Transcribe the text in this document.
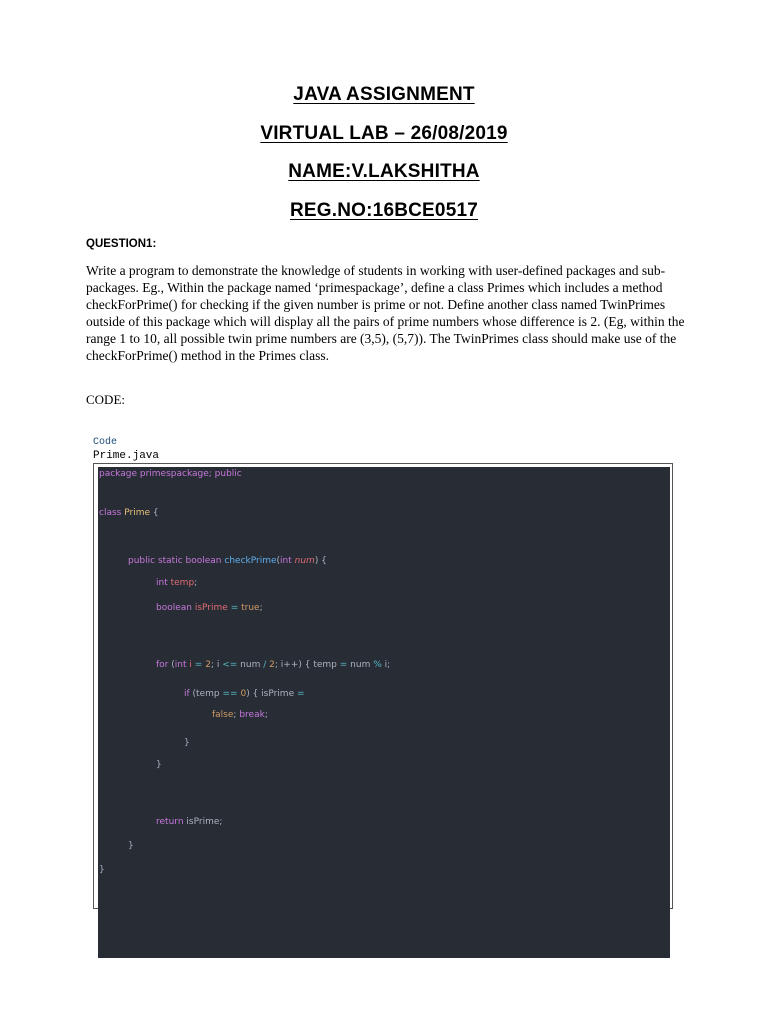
JAVA ASSIGNMENT
VIRTUAL LAB – 26/08/2019
NAME:V.LAKSHITHA
REG.NO:16BCE0517
QUESTION1:
Write a program to demonstrate the knowledge of students in working with user-defined packages and sub-packages. Eg., Within the package named ‘primespackage’, define a class Primes which includes a method checkForPrime() for checking if the given number is prime or not. Define another class named TwinPrimes outside of this package which will display all the pairs of prime numbers whose difference is 2. (Eg, within the range 1 to 10, all possible twin prime numbers are (3,5), (5,7)). The TwinPrimes class should make use of the checkForPrime() method in the Primes class.
CODE:
Code
Prime.java
package primespackage; public
class Prime {
public static boolean checkPrime(int num) {
int temp;
boolean isPrime = true;
for (int i = 2; i <= num / 2; i++) { temp = num % i;
if (temp == 0) { isPrime =
false; break;
}
}
return isPrime;
}
}
